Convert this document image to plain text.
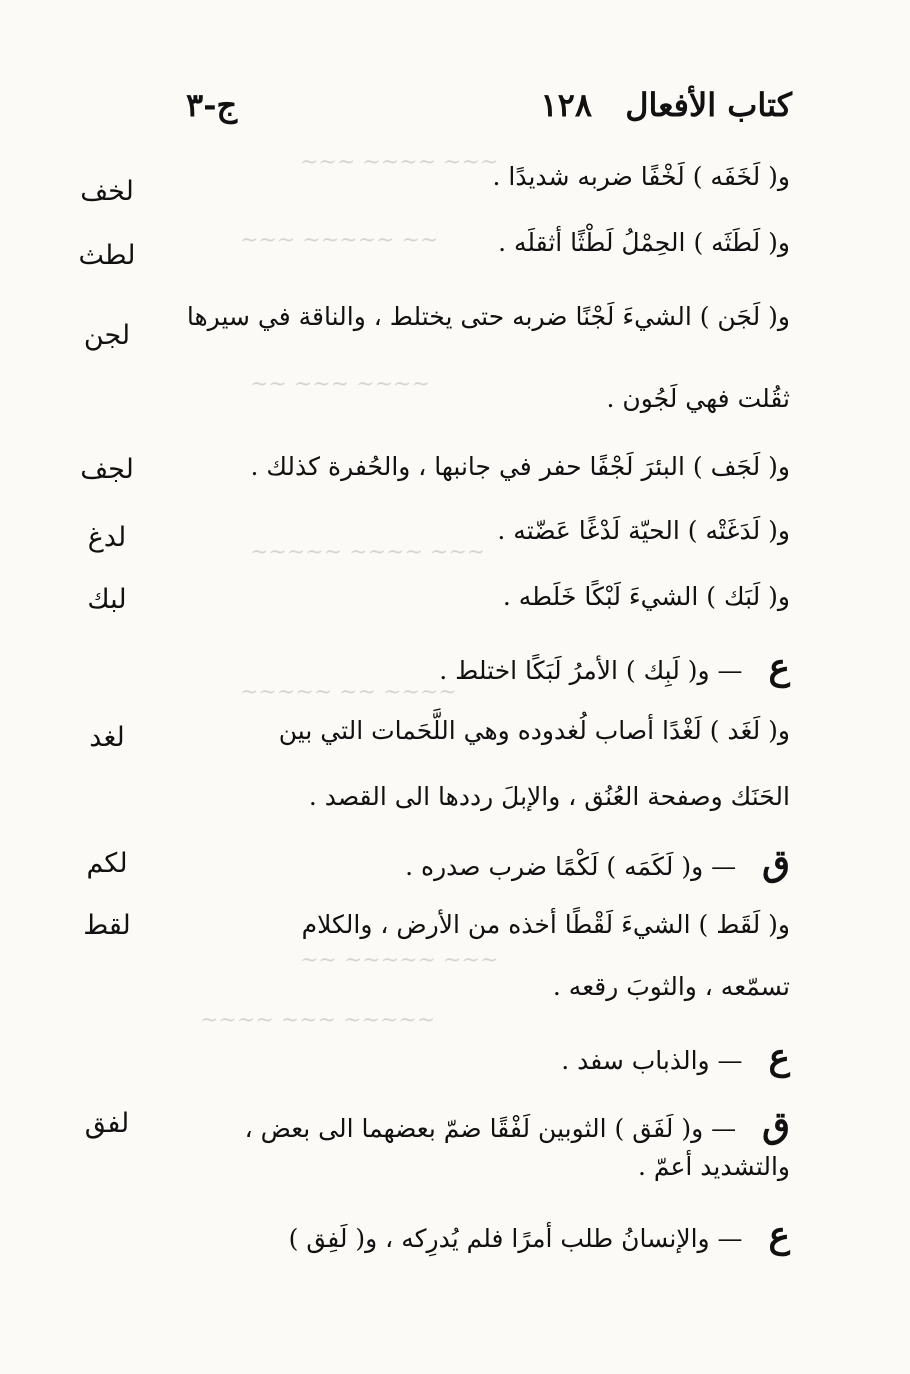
كتاب الأفعال
١٢٨
ج-٣
~~~ ~~~~ ~~~
~~ ~~~~~ ~~~
~~~~ ~~~ ~~
~~~ ~~~~ ~~~~~
~~~~ ~~ ~~~~~
~~~ ~~~~~ ~~
~~~~~ ~~~ ~~~~
و( لَخَفَه ) لَخْفًا ضربه شديدًا .
و( لَطَثَه ) الحِمْلُ لَطْثًا أثقلَه .
و( لَجَن ) الشيءَ لَجْنًا ضربه حتى يختلط ، والناقة في سيرها
ثقُلت فهي لَجُون .
و( لَجَف ) البئرَ لَجْفًا حفر في جانبها ، والحُفرة كذلك .
و( لَدَغَتْه ) الحيّة لَدْغًا عَضّته .
و( لَبَك ) الشيءَ لَبْكًا خَلَطه .
ع — و( لَبِك ) الأمرُ لَبَكًا اختلط .
و( لَغَد ) لَغْدًا أصاب لُغدوده وهي اللَّحَمات التي بين
الحَنَك وصفحة العُنُق ، والإبلَ رددها الى القصد .
ق — و( لَكَمَه ) لَكْمًا ضرب صدره .
و( لَقَط ) الشيءَ لَقْطًا أخذه من الأرض ، والكلام
تسمّعه ، والثوبَ رقعه .
ع — والذباب سفد .
ق — و( لَفَق ) الثوبين لَفْقًا ضمّ بعضهما الى بعض ،
والتشديد أعمّ .
ع — والإنسانُ طلب أمرًا فلم يُدرِكه ، و( لَفِق )
لخف
لطث
لجن
لجف
لدغ
لبك
لغد
لكم
لقط
لفق
